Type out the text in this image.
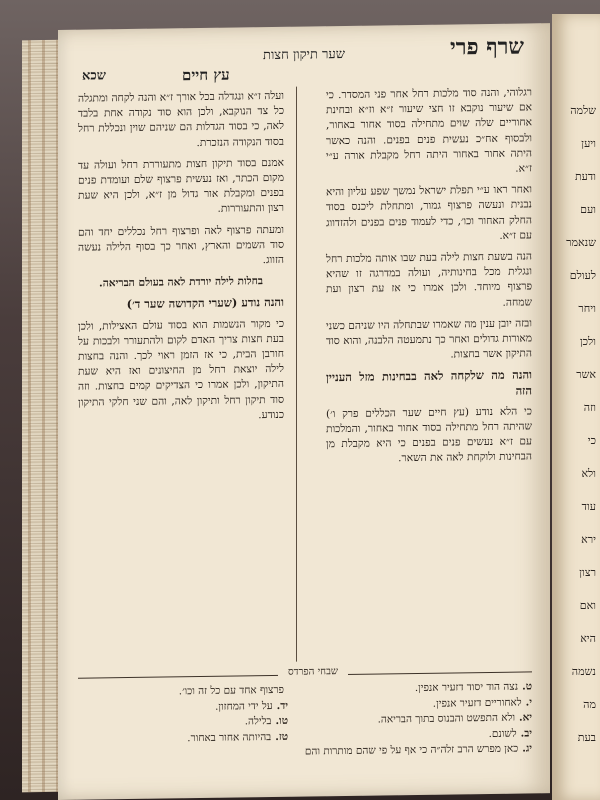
שלמה
ויען
ודעת
ועם
שנאמר
לעולם
ויחר
ולכן
אשר
וזה
כי
ולא
עוד
ירא
רצון
ואם
היא
נשמה
מה
בעת
שרף פרי
שער תיקון חצות
עץ חיים
שכא

רגלוהי, והנה סוד מלכות רחל אחר פני המסדר. כי אם שיעור נוקבא זו חצי שיעור ז״א וז״א ובחינת אחוריים שלה שוים מתחילה בסוד אחור באחור, ולבסוף אח״כ נעשית פנים בפנים. והנה כאשר היתה אחור באחור היתה רחל מקבלת אורה ע״י ז״א.

ואחר ראו ע״י תפלת ישראל נמשך שפע עליון והיא נבנית ונעשה פרצוף גמור, ומתחלת ליכנס בסוד החלק האחור וכו׳, כדי לעמוד פנים בפנים ולהזדווג עם ז״א.

הנה בשעת חצות לילה בעת שבו אותה מלכות רחל ונגלית מכל בחינותיה, ועולה במדרגה זו שהיא פרצוף מיוחד. ולכן אמרו כי אז עת רצון ועת שמחה.

ובזה יובן ענין מה שאמרו שבתחלה היו שניהם כשני מאורות גדולים ואחר כך נתמעטה הלבנה, והוא סוד התיקון אשר בחצות.

והנה מה שלקחה לאה בבחינות מזל העניין הזה

כי הלא נודע (עץ חיים שער הכללים פרק ו׳) שהיתה רחל מתחילה בסוד אחור באחור, והמלכות עם ז״א נעשים פנים בפנים כי היא מקבלת מן הבחינות ולוקחת לאה את השאר.

ועלה ז״א ונגדלה בכל אורך ז״א והנה לקחה ומתגלה כל צד הנוקבא, ולכן הוא סוד נקודה אחת בלבד לאה, כי בסוד הגדלות הם שניהם שוין ונכללת רחל בסוד הנקודה הנזכרת.

אמנם בסוד תיקון חצות מתעוררת רחל ועולה עד מקום הכתר, ואז נעשית פרצוף שלם ועומדת פנים בפנים ומקבלת אור גדול מן ז״א, ולכן היא שעת רצון והתעוררות.

ומעתה פרצוף לאה ופרצוף רחל נכללים יחד והם סוד השמים והארץ, ואחר כך בסוף הלילה נעשה הזווג.

בחלות לילה יורדת לאה בעולם הבריאה.

והנה נודע (שערי הקדושה שער ד׳)

כי מקור הנשמות הוא בסוד עולם האצילות, ולכן בעת חצות צריך האדם לקום ולהתעורר ולבכות על חורבן הבית, כי אז הזמן ראוי לכך. והנה בחצות לילה יוצאת רחל מן החיצונים ואז היא שעת התיקון, ולכן אמרו כי הצדיקים קמים בחצות. וזה סוד תיקון רחל ותיקון לאה, והם שני חלקי התיקון כנודע.

שבחי הפרדס
ט.נצה הוד יסוד דזעיר אנפין.
י.לאחוריים דזעיר אנפין.
יא.ולא התפשט והבנוס בתוך הבריאה.
יב.לשונם.
יג.כאן מפרש הרב זלה״ה כי אף על פי שהם מותרות והם
פרצוף אחד עם כל זה וכו׳.
יד.על ידי המחזון.
טו.בלילה.
טז.בהיותה אחור באחור.
